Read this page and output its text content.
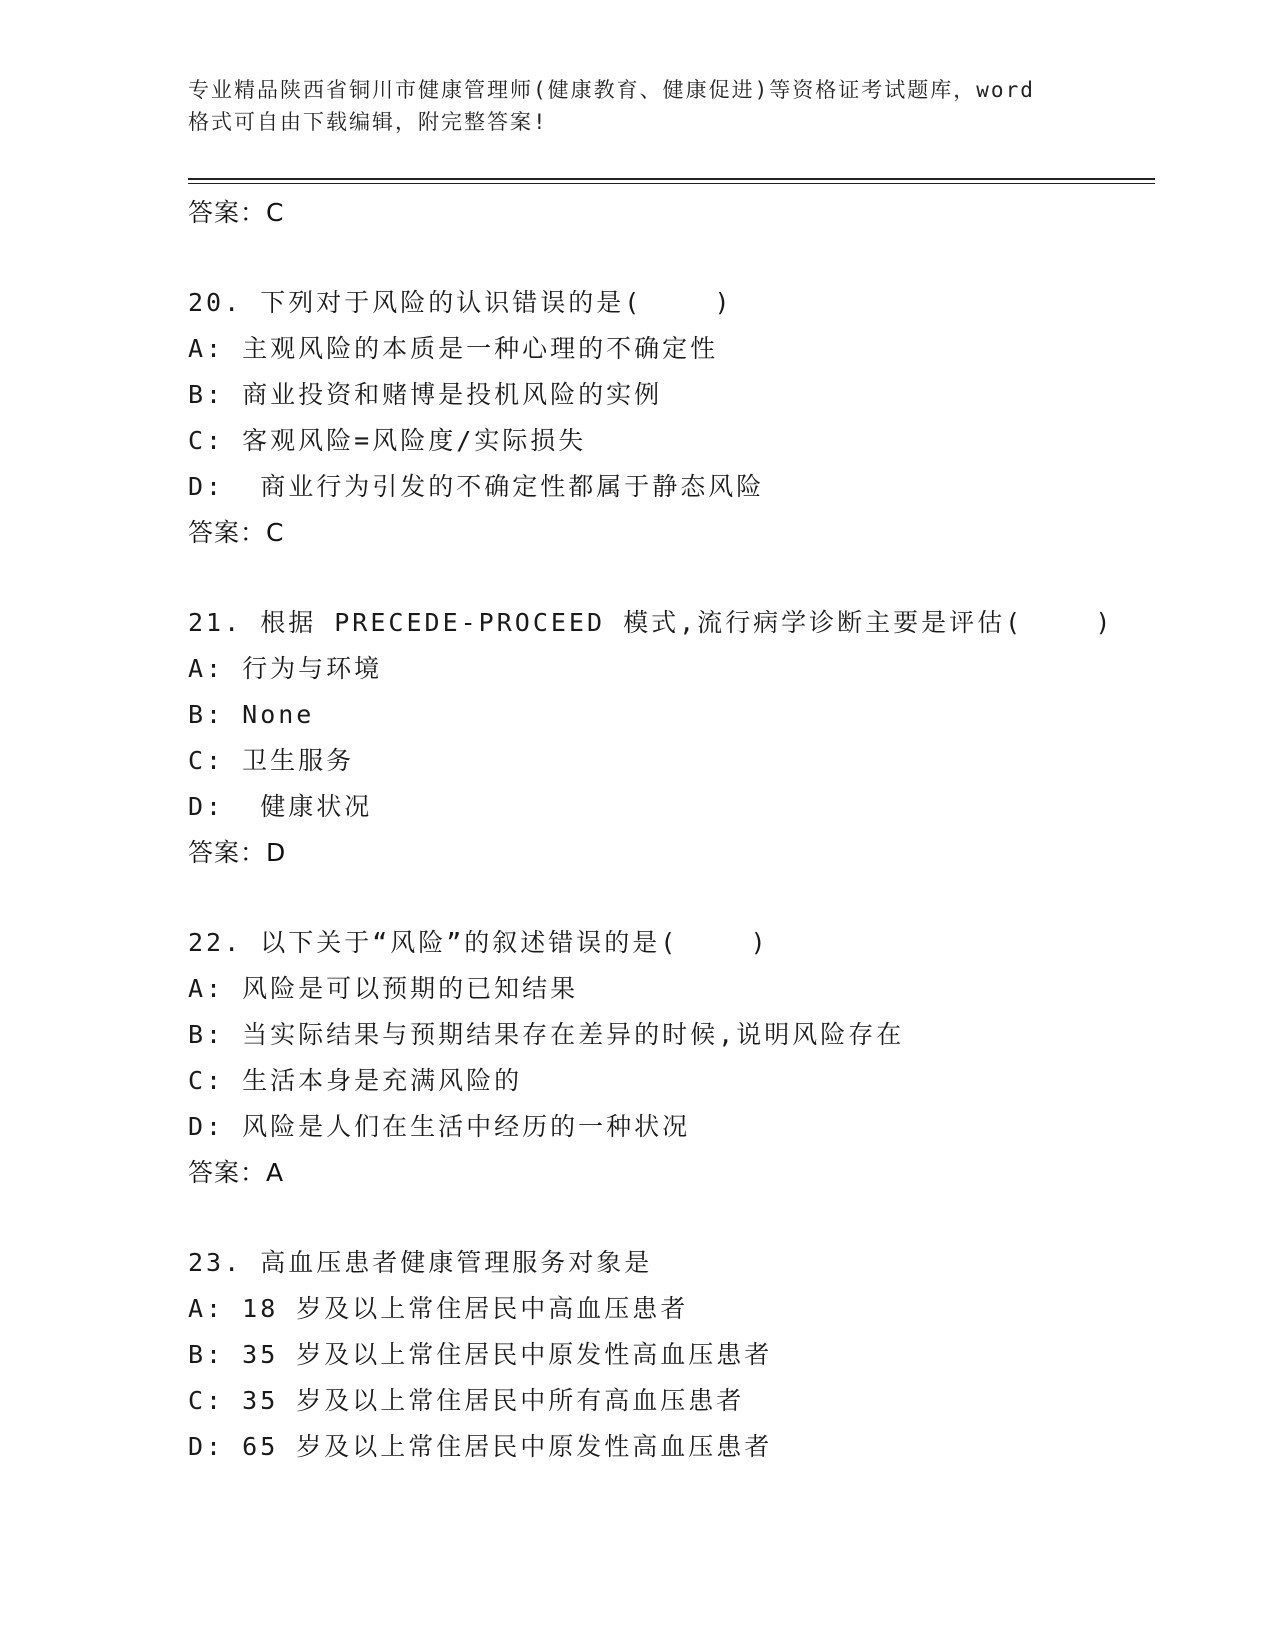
专业精品陕西省铜川市健康管理师(健康教育、健康促进)等资格证考试题库，word
格式可自由下载编辑，附完整答案!
答案：C
20. 下列对于风险的认识错误的是(    )
A: 主观风险的本质是一种心理的不确定性
B: 商业投资和赌博是投机风险的实例
C: 客观风险=风险度/实际损失
D:  商业行为引发的不确定性都属于静态风险
答案：C
21. 根据 PRECEDE-PROCEED 模式,流行病学诊断主要是评估(    )
A: 行为与环境
B: None
C: 卫生服务
D:  健康状况
答案：D
22. 以下关于“风险”的叙述错误的是(    )
A: 风险是可以预期的已知结果
B: 当实际结果与预期结果存在差异的时候,说明风险存在
C: 生活本身是充满风险的
D: 风险是人们在生活中经历的一种状况
答案：A
23. 高血压患者健康管理服务对象是
A: 18 岁及以上常住居民中高血压患者
B: 35 岁及以上常住居民中原发性高血压患者
C: 35 岁及以上常住居民中所有高血压患者
D: 65 岁及以上常住居民中原发性高血压患者
